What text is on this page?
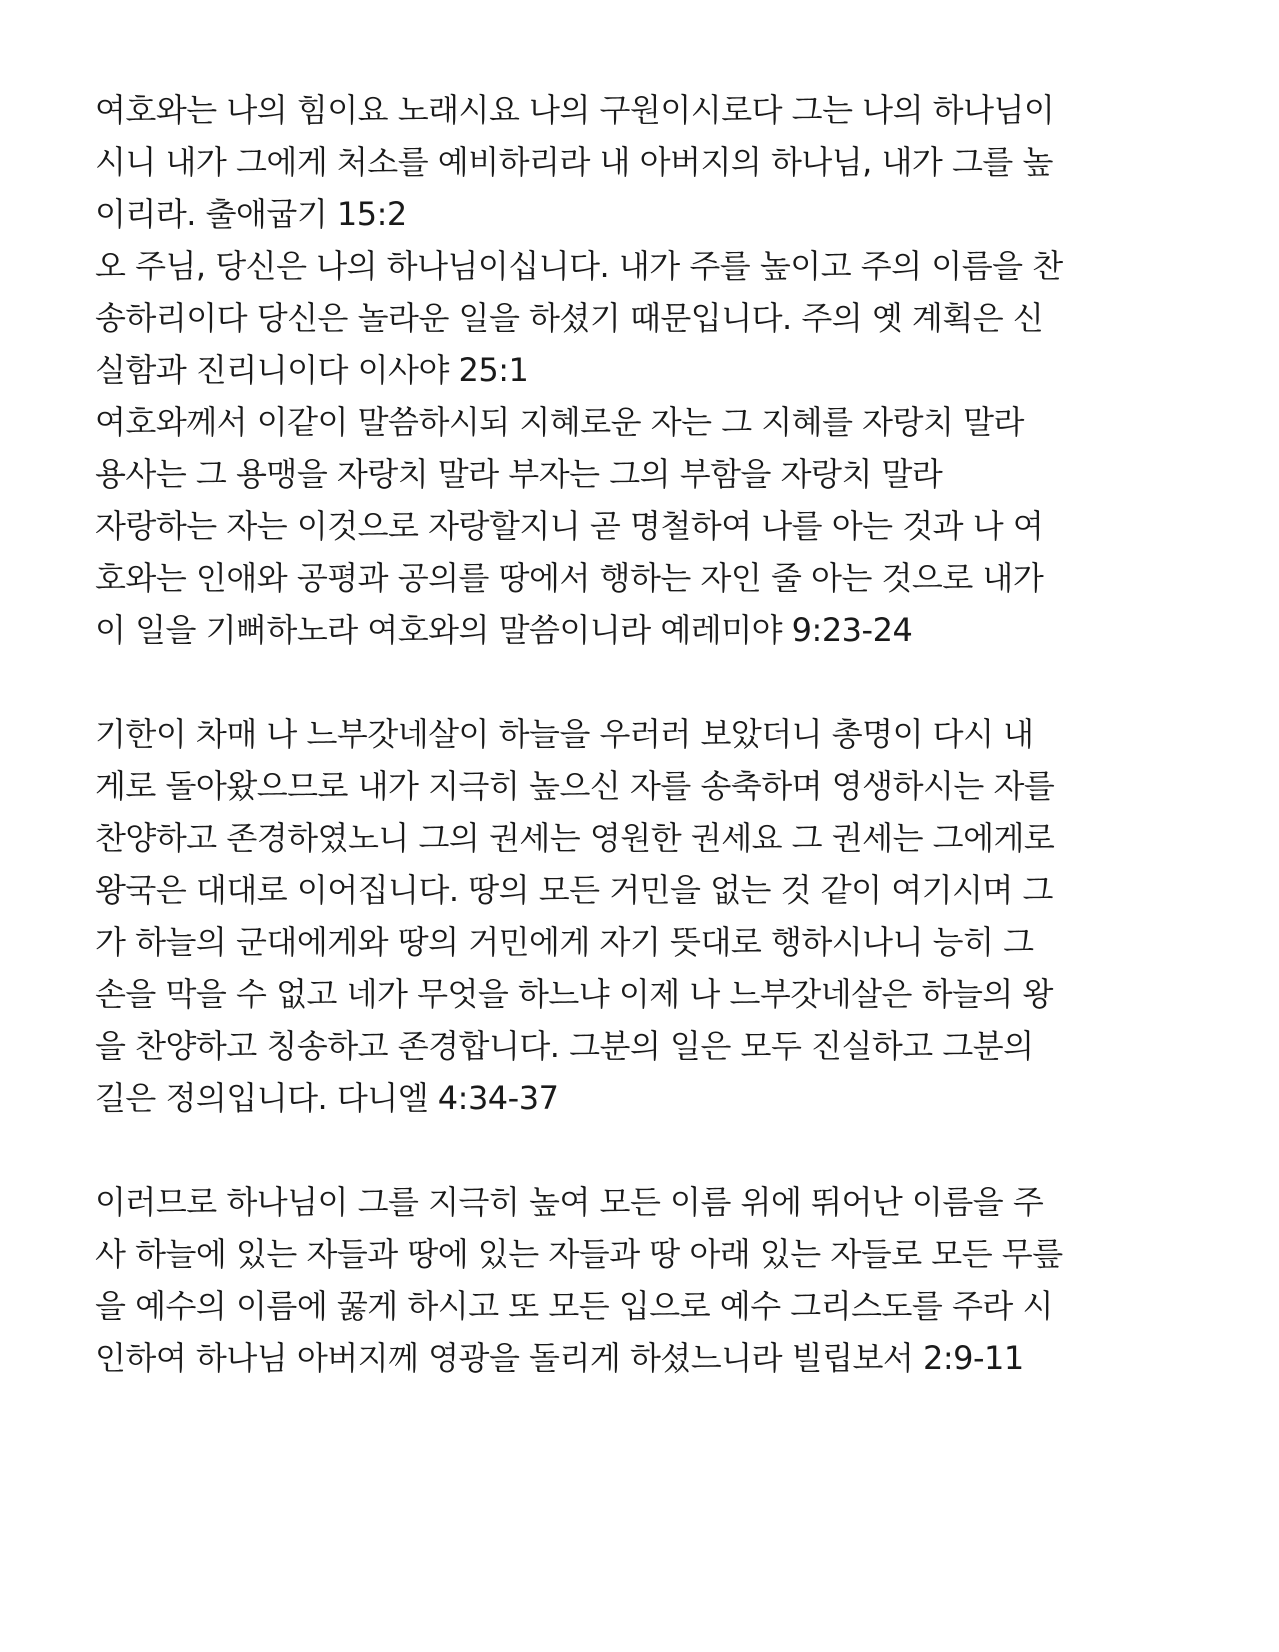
여호와는 나의 힘이요 노래시요 나의 구원이시로다 그는 나의 하나님이
시니 내가 그에게 처소를 예비하리라 내 아버지의 하나님, 내가 그를 높
이리라. 출애굽기 15:2
오 주님, 당신은 나의 하나님이십니다. 내가 주를 높이고 주의 이름을 찬
송하리이다 당신은 놀라운 일을 하셨기 때문입니다. 주의 옛 계획은 신
실함과 진리니이다 이사야 25:1
여호와께서 이같이 말씀하시되 지혜로운 자는 그 지혜를 자랑치 말라
용사는 그 용맹을 자랑치 말라 부자는 그의 부함을 자랑치 말라
자랑하는 자는 이것으로 자랑할지니 곧 명철하여 나를 아는 것과 나 여
호와는 인애와 공평과 공의를 땅에서 행하는 자인 줄 아는 것으로 내가
이 일을 기뻐하노라 여호와의 말씀이니라 예레미야 9:23-24
기한이 차매 나 느부갓네살이 하늘을 우러러 보았더니 총명이 다시 내
게로 돌아왔으므로 내가 지극히 높으신 자를 송축하며 영생하시는 자를
찬양하고 존경하였노니 그의 권세는 영원한 권세요 그 권세는 그에게로
왕국은 대대로 이어집니다. 땅의 모든 거민을 없는 것 같이 여기시며 그
가 하늘의 군대에게와 땅의 거민에게 자기 뜻대로 행하시나니 능히 그
손을 막을 수 없고 네가 무엇을 하느냐 이제 나 느부갓네살은 하늘의 왕
을 찬양하고 칭송하고 존경합니다. 그분의 일은 모두 진실하고 그분의
길은 정의입니다. 다니엘 4:34-37
이러므로 하나님이 그를 지극히 높여 모든 이름 위에 뛰어난 이름을 주
사 하늘에 있는 자들과 땅에 있는 자들과 땅 아래 있는 자들로 모든 무릎
을 예수의 이름에 꿇게 하시고 또 모든 입으로 예수 그리스도를 주라 시
인하여 하나님 아버지께 영광을 돌리게 하셨느니라 빌립보서 2:9-11
